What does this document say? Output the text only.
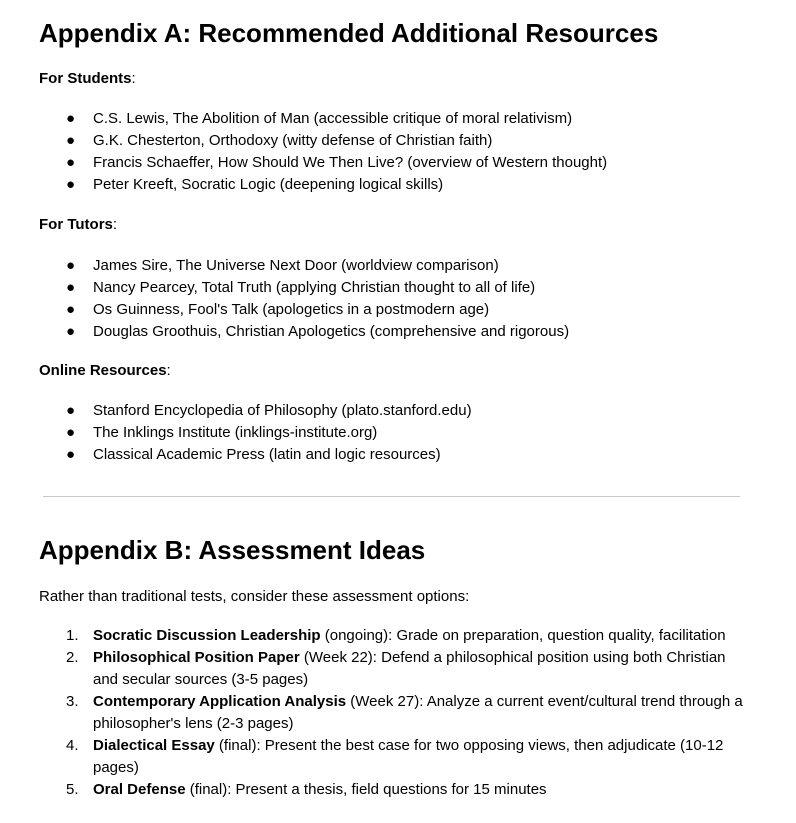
Appendix A: Recommended Additional Resources

For Students:

● C.S. Lewis, The Abolition of Man (accessible critique of moral relativism)
● G.K. Chesterton, Orthodoxy (witty defense of Christian faith)
● Francis Schaeffer, How Should We Then Live? (overview of Western thought)
● Peter Kreeft, Socratic Logic (deepening logical skills)

For Tutors:

● James Sire, The Universe Next Door (worldview comparison)
● Nancy Pearcey, Total Truth (applying Christian thought to all of life)
● Os Guinness, Fool's Talk (apologetics in a postmodern age)
● Douglas Groothuis, Christian Apologetics (comprehensive and rigorous)

Online Resources:

● Stanford Encyclopedia of Philosophy (plato.stanford.edu)
● The Inklings Institute (inklings-institute.org)
● Classical Academic Press (latin and logic resources)
Appendix B: Assessment Ideas

Rather than traditional tests, consider these assessment options:

1. Socratic Discussion Leadership (ongoing): Grade on preparation, question quality, facilitation
2. Philosophical Position Paper (Week 22): Defend a philosophical position using both Christian and secular sources (3-5 pages)
3. Contemporary Application Analysis (Week 27): Analyze a current event/cultural trend through a philosopher's lens (2-3 pages)
4. Dialectical Essay (final): Present the best case for two opposing views, then adjudicate (10-12 pages)
5. Oral Defense (final): Present a thesis, field questions for 15 minutes
